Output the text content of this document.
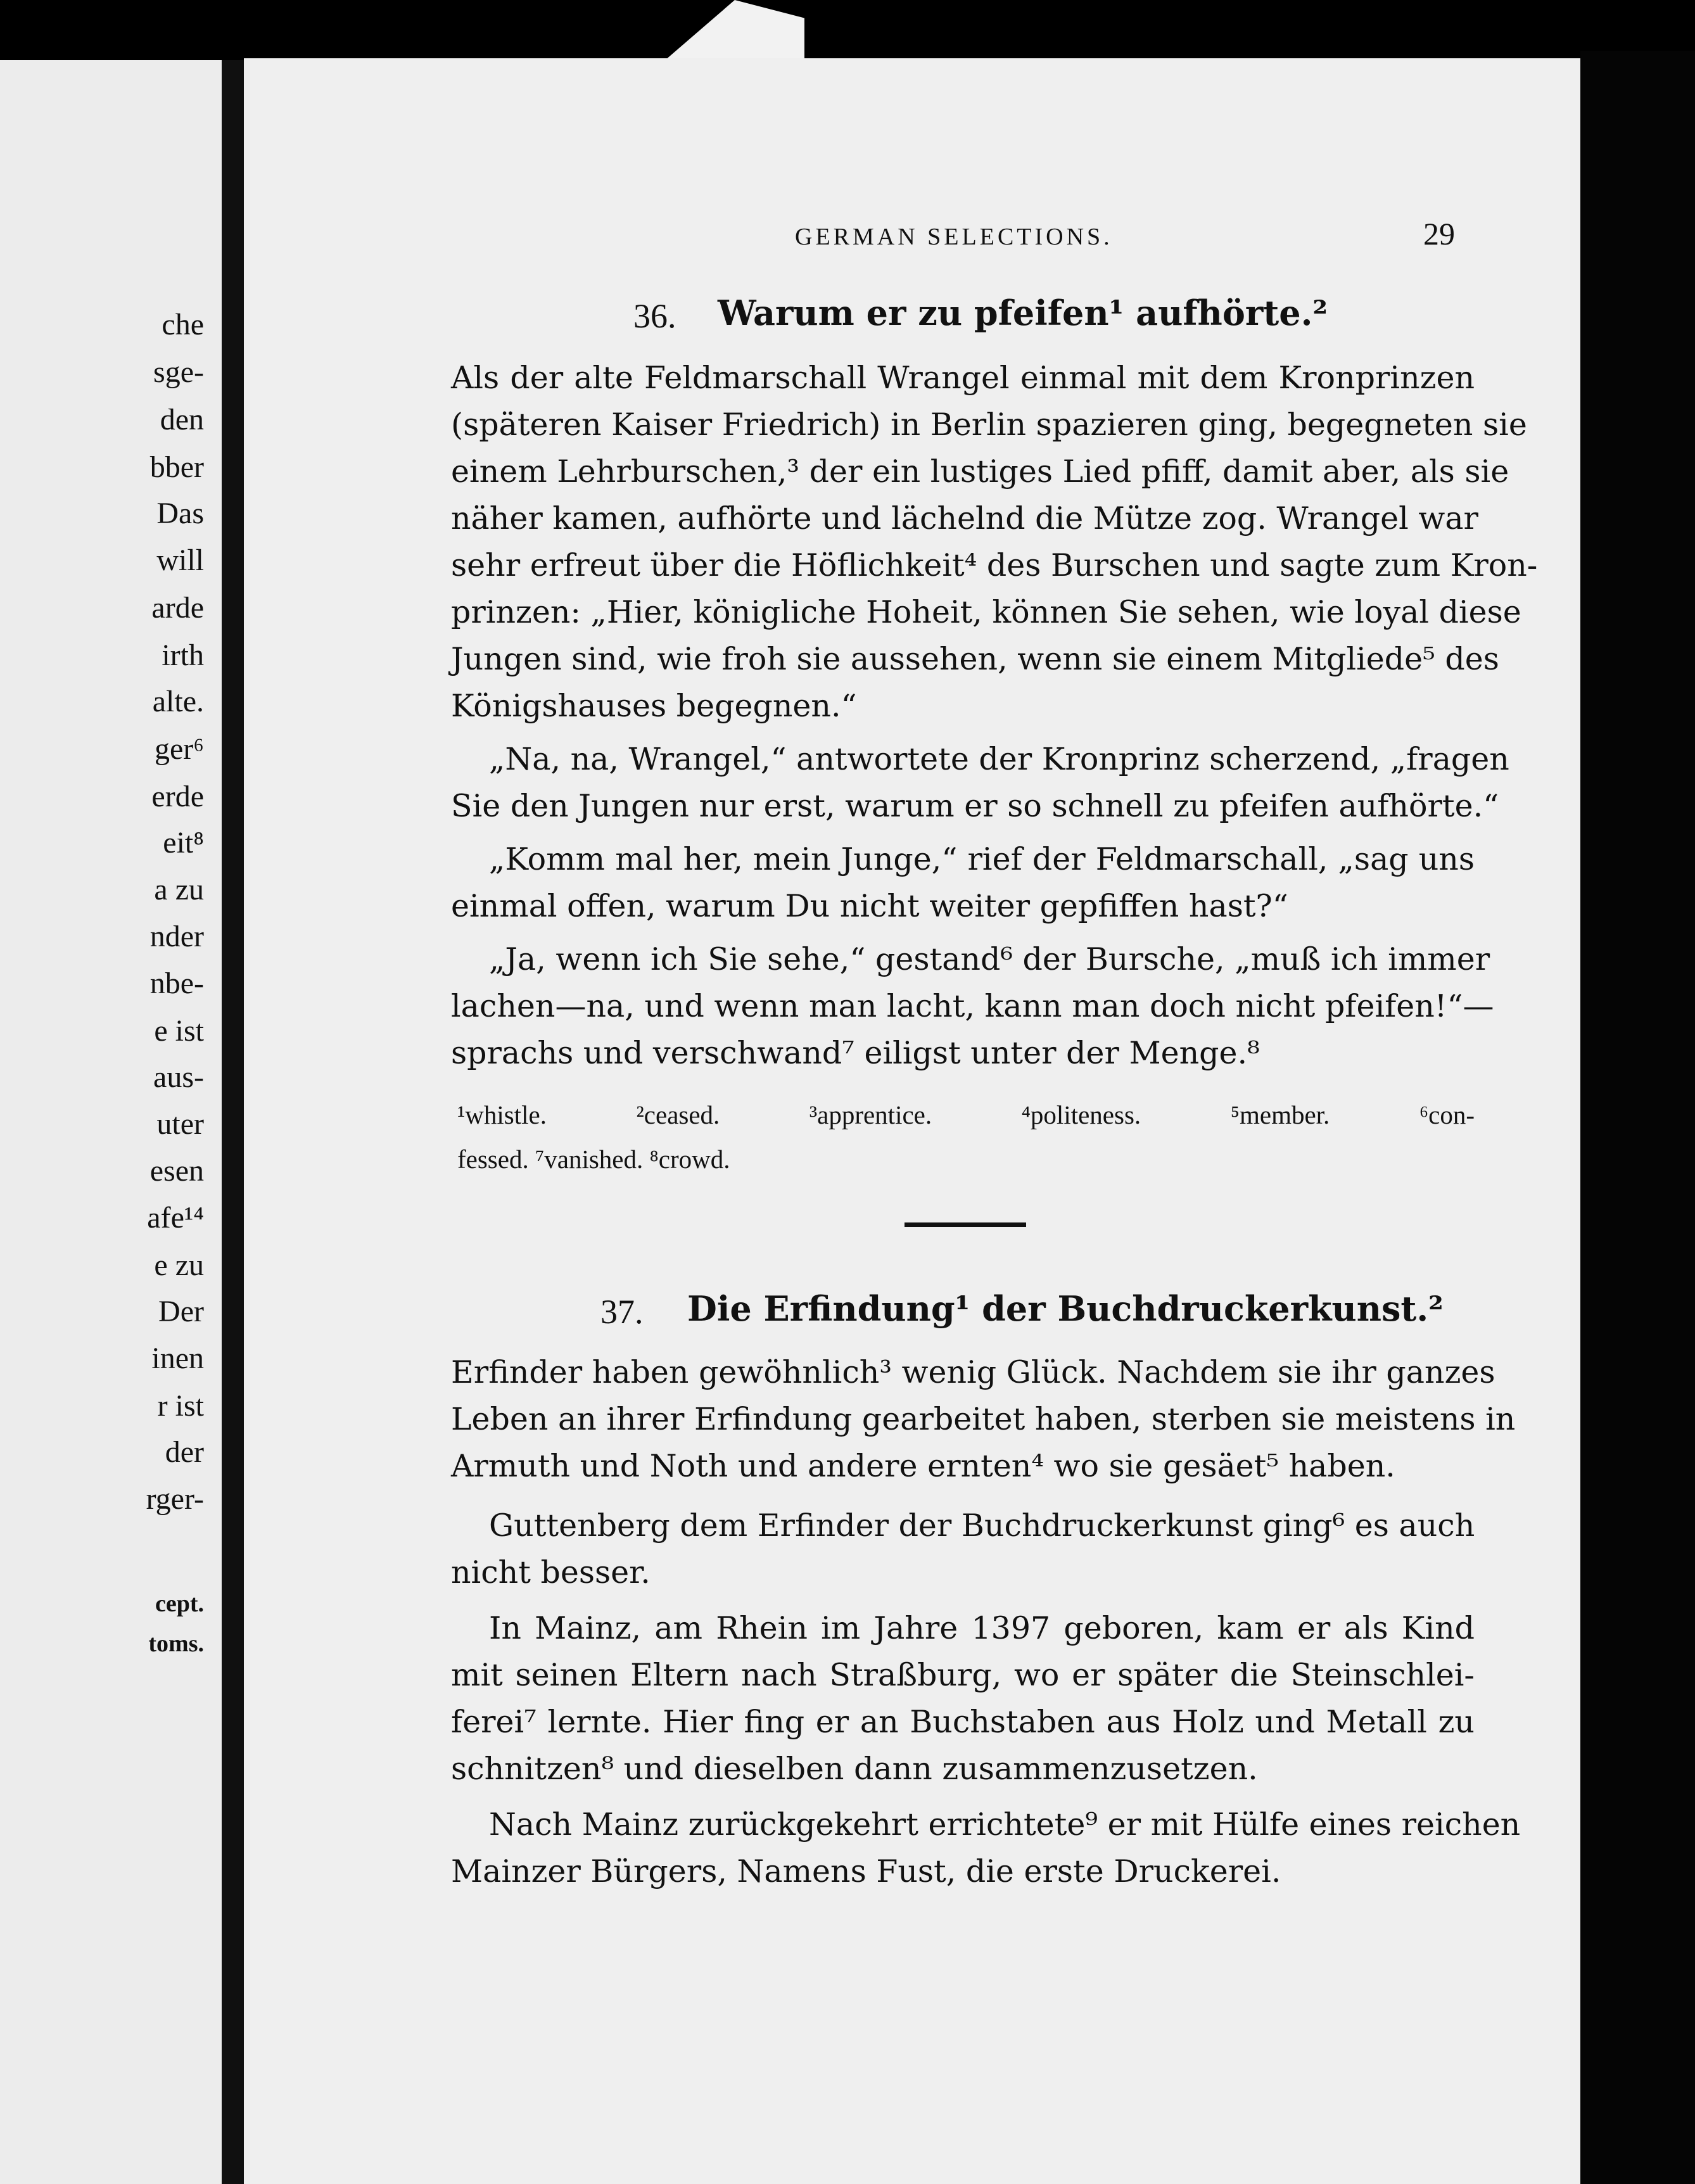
che
sge-
den
bber
Das
will
arde
irth
alte.
ger⁶
erde
eit⁸
a zu
nder
nbe-
e ist
aus-
uter
esen
afe¹⁴
e zu
Der
inen
r ist
der
rger-
cept.
toms.
GERMAN SELECTIONS.	29
36. Warum er zu pfeifen¹ aufhörte.²
Als der alte Feldmarschall Wrangel einmal mit dem Kronprinzen
(späteren Kaiser Friedrich) in Berlin spazieren ging, begegneten sie
einem Lehrburschen,³ der ein lustiges Lied pfiff, damit aber, als sie
näher kamen, aufhörte und lächelnd die Mütze zog. Wrangel war
sehr erfreut über die Höflichkeit⁴ des Burschen und sagte zum Kron-
prinzen: „Hier, königliche Hoheit, können Sie sehen, wie loyal diese
Jungen sind, wie froh sie aussehen, wenn sie einem Mitgliede⁵ des
Königshauses begegnen.“
„Na, na, Wrangel,“ antwortete der Kronprinz scherzend, „fragen
Sie den Jungen nur erst, warum er so schnell zu pfeifen aufhörte.“
„Komm mal her, mein Junge,“ rief der Feldmarschall, „sag uns
einmal offen, warum Du nicht weiter gepfiffen hast?“
„Ja, wenn ich Sie sehe,“ gestand⁶ der Bursche, „muß ich immer
lachen—na, und wenn man lacht, kann man doch nicht pfeifen!“—
sprachs und verschwand⁷ eiligst unter der Menge.⁸
¹whistle. ²ceased. ³apprentice. ⁴politeness. ⁵member. ⁶con-
fessed. ⁷vanished. ⁸crowd.
37. Die Erfindung¹ der Buchdruckerkunst.²
Erfinder haben gewöhnlich³ wenig Glück. Nachdem sie ihr ganzes
Leben an ihrer Erfindung gearbeitet haben, sterben sie meistens in
Armuth und Noth und andere ernten⁴ wo sie gesäet⁵ haben.
Guttenberg dem Erfinder der Buchdruckerkunst ging⁶ es auch
nicht besser.
In Mainz, am Rhein im Jahre 1397 geboren, kam er als Kind
mit seinen Eltern nach Straßburg, wo er später die Steinschlei-
ferei⁷ lernte. Hier fing er an Buchstaben aus Holz und Metall zu
schnitzen⁸ und dieselben dann zusammenzusetzen.
Nach Mainz zurückgekehrt errichtete⁹ er mit Hülfe eines reichen
Mainzer Bürgers, Namens Fust, die erste Druckerei.
